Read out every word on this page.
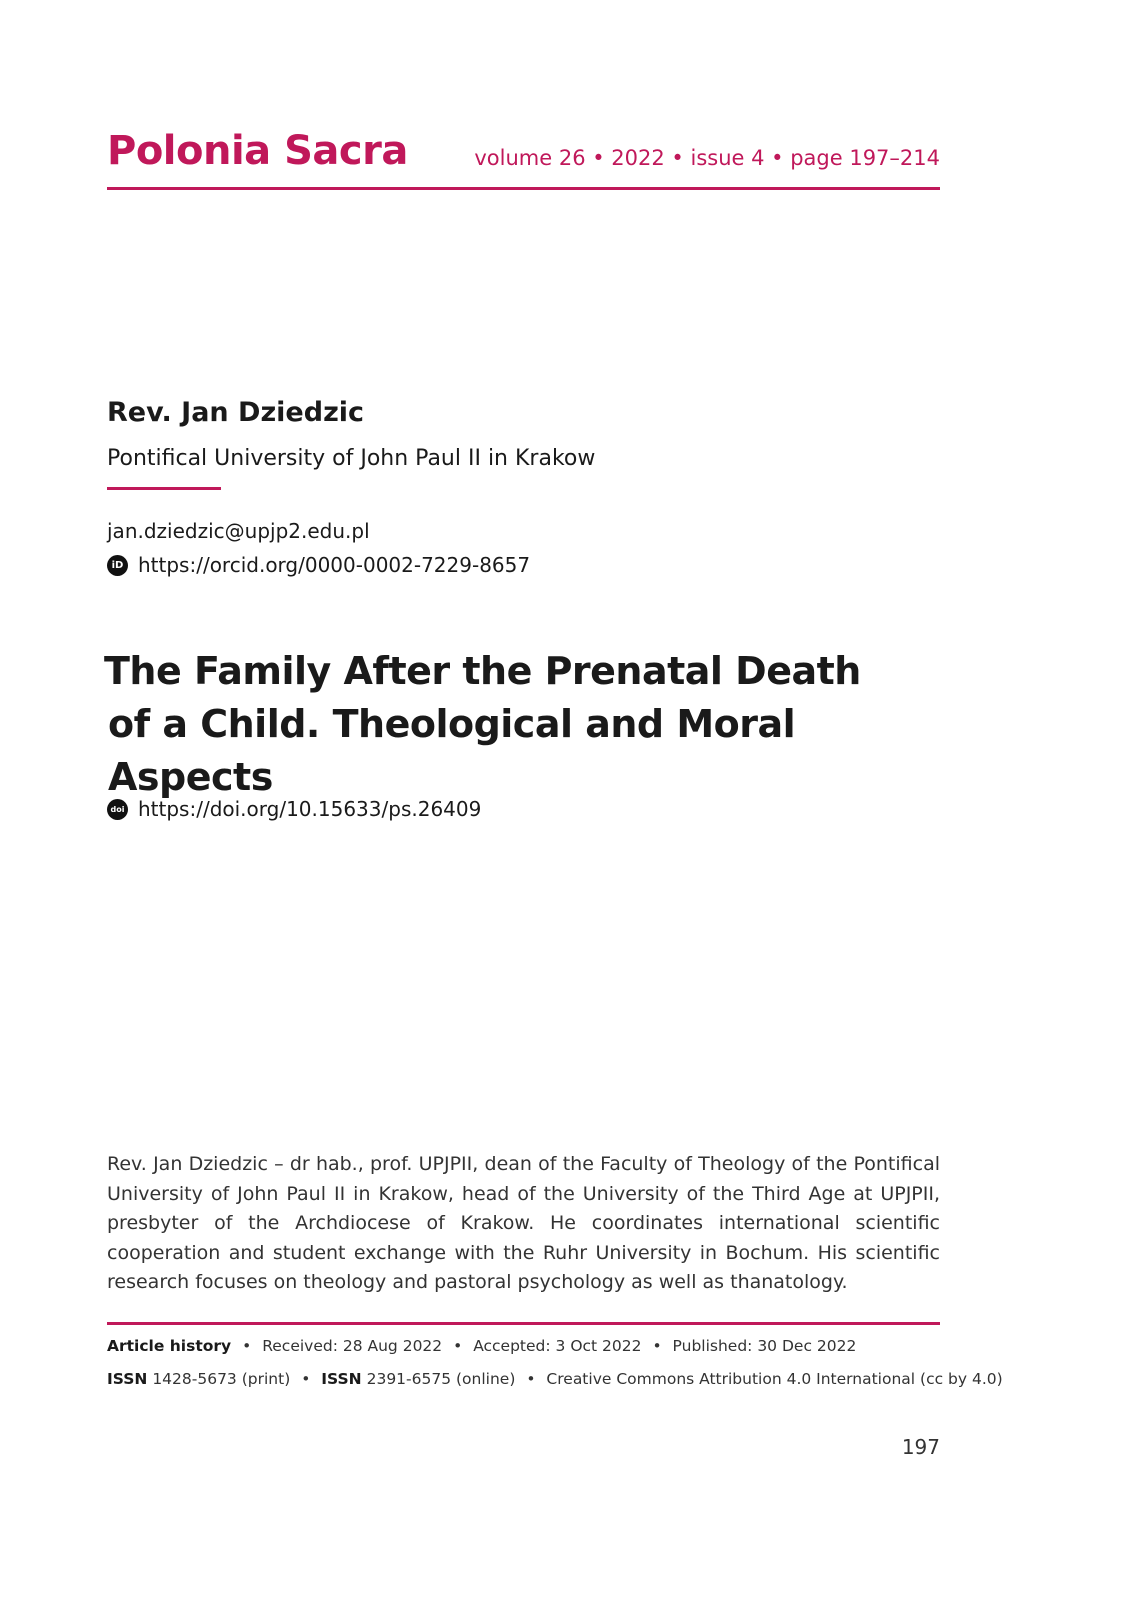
Polonia Sacra	volume 26 • 2022 • issue 4 • page 197–214
Rev. Jan Dziedzic
Pontifical University of John Paul II in Krakow
jan.dziedzic@upjp2.edu.pl
iD https://orcid.org/0000-0002-7229-8657
The Family After the Prenatal Death
of a Child. Theological and Moral Aspects
doi https://doi.org/10.15633/ps.26409
Rev. Jan Dziedzic – dr hab., prof. UPJPII, dean of the Faculty of Theology of the Pontifical University of John Paul II in Krakow, head of the University of the Third Age at UPJPII, presbyter of the Archdiocese of Krakow. He coordinates international scientific cooperation and student exchange with the Ruhr University in Bochum. His scientific research focuses on theology and pastoral psychology as well as thanatology.
Article history • Received: 28 Aug 2022 • Accepted: 3 Oct 2022 • Published: 30 Dec 2022
ISSN 1428-5673 (print) • ISSN 2391-6575 (online) • Creative Commons Attribution 4.0 International (cc by 4.0)
197
